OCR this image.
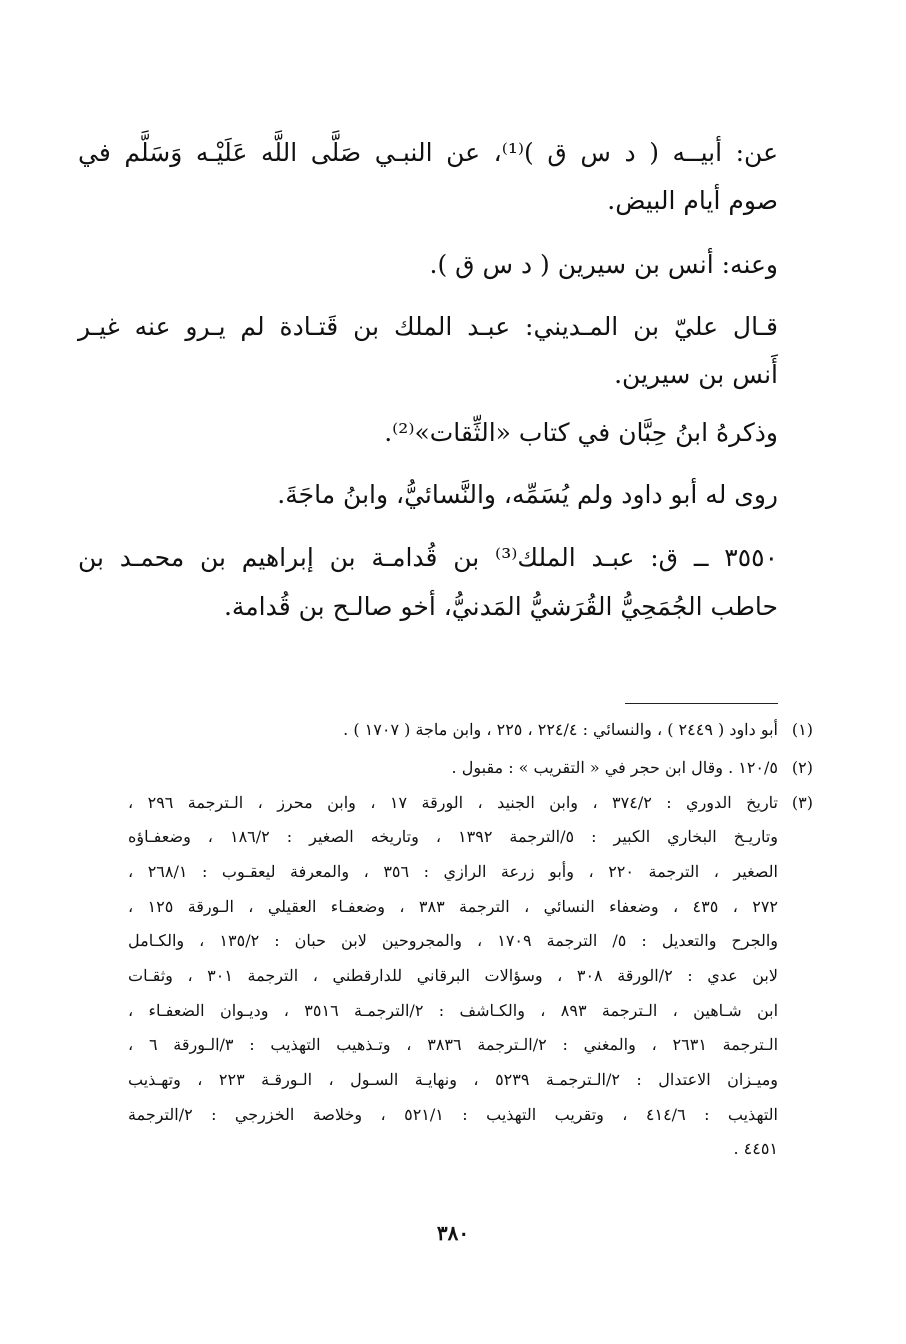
عن: أبيــه ( د س ق )⁽¹⁾، عن النبـي صَلَّى اللَّه عَلَيْـه وَسَلَّم في
صوم أيام البيض.
وعنه: أنس بن سيرين ( د س ق ).
قـال عليّ بن المـديني: عبـد الملك بن قَتـادة لم يـرو عنه غيـر
أَنس بن سيرين.
وذكرهُ ابنُ حِبَّان في كتاب «الثِّقات»⁽²⁾.
روى له أبو داود ولم يُسَمِّه، والنَّسائيُّ، وابنُ ماجَةَ.
٣٥٥٠ ــ ق: عبـد الملك⁽³⁾ بن قُدامـة بن إبراهيم بن محمـد بن
حاطب الجُمَحِيُّ القُرَشيُّ المَدنيُّ، أخو صالـح بن قُدامة.
(١)
أبو داود ( ٢٤٤٩ ) ، والنسائي : ٢٢٤/٤ ، ٢٢٥ ، وابن ماجة ( ١٧٠٧ ) .
(٢)
١٢٠/٥ . وقال ابن حجر في « التقريب » : مقبول .
(٣)
تاريخ الدوري : ٣٧٤/٢ ، وابن الجنيد ، الورقة ١٧ ، وابن محرز ، الـترجمة ٢٩٦ ،
وتاريـخ البخاري الكبير : ٥/الترجمة ١٣٩٢ ، وتاريخه الصغير : ١٨٦/٢ ، وضعفـاؤه
الصغير ، الترجمة ٢٢٠ ، وأبو زرعة الرازي : ٣٥٦ ، والمعرفة ليعقـوب : ٢٦٨/١ ،
٢٧٢ ، ٤٣٥ ، وضعفاء النسائي ، الترجمة ٣٨٣ ، وضعفـاء العقيلي ، الـورقة ١٢٥ ،
والجرح والتعديل : ٥/ الترجمة ١٧٠٩ ، والمجروحين لابن حبان : ١٣٥/٢ ، والكـامل
لابن عدي : ٢/الورقة ٣٠٨ ، وسؤالات البرقاني للدارقطني ، الترجمة ٣٠١ ، وثقـات
ابن شـاهين ، الـترجمة ٨٩٣ ، والكـاشف : ٢/الترجمـة ٣٥١٦ ، وديـوان الضعفـاء ،
الـترجمة ٢٦٣١ ، والمغني : ٢/الـترجمة ٣٨٣٦ ، وتـذهيب التهذيب : ٣/الـورقة ٦ ،
وميـزان الاعتدال : ٢/الـترجمـة ٥٢٣٩ ، ونهايـة السـول ، الـورقـة ٢٢٣ ، وتهـذيب
التهذيب : ٤١٤/٦ ، وتقريب التهذيب : ٥٢١/١ ، وخلاصة الخزرجي : ٢/الترجمة
٤٤٥١ .
٣٨٠
